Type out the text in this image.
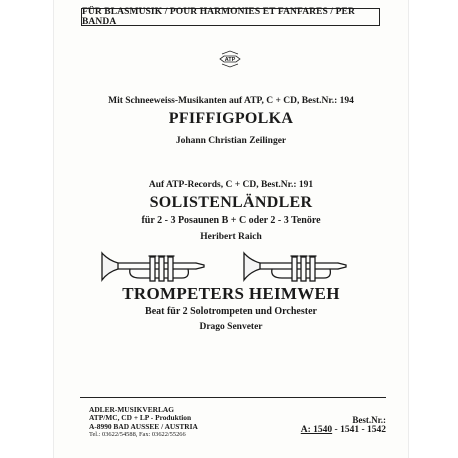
FÜR BLASMUSIK / POUR HARMONIES ET FANFARES / PER BANDA
ATP
Mit Schneeweiss-Musikanten auf ATP, C + CD, Best.Nr.: 194
PFIFFIGPOLKA
Johann Christian Zeilinger
Auf ATP-Records, C + CD, Best.Nr.: 191
SOLISTENLÄNDLER
für 2 - 3 Posaunen B + C oder 2 - 3 Tenöre
Heribert Raich
TROMPETERS HEIMWEH
Beat für 2 Solotrompeten und Orchester
Drago Senveter
ADLER-MUSIKVERLAG
ATP/MC, CD + LP - Produktion
A-8990 BAD AUSSEE / AUSTRIA
Tel.: 03622/54588, Fax: 03622/55266
Best.Nr.:
A: 1540 - 1541 - 1542
